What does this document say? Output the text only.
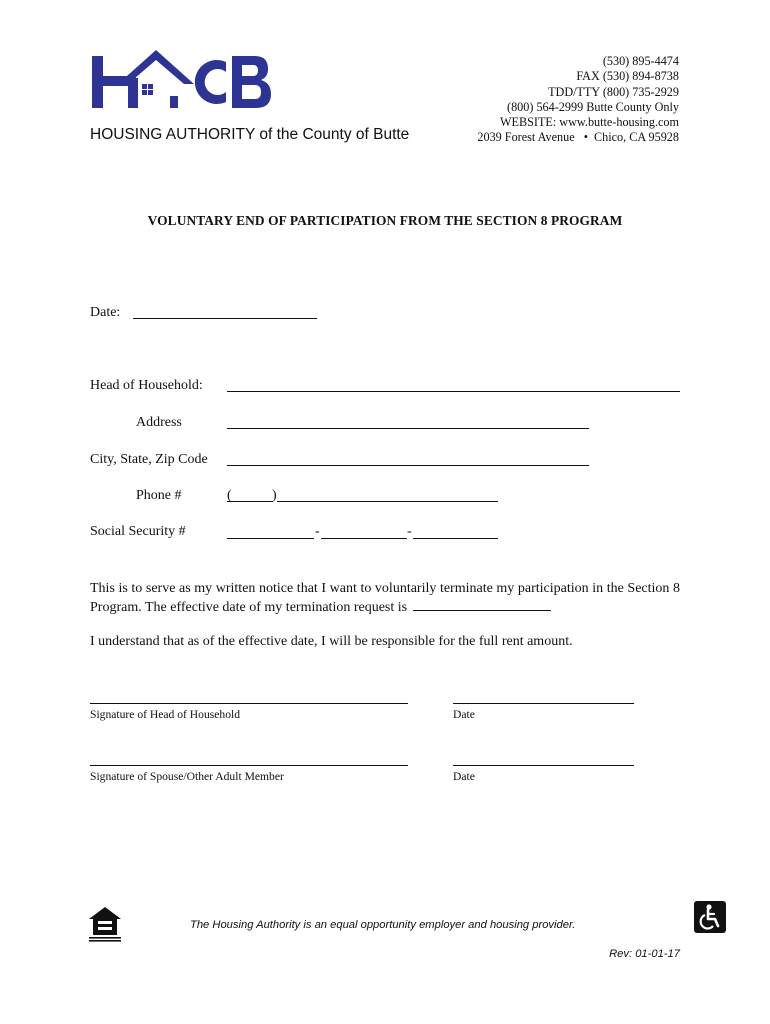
HOUSING AUTHORITY of the County of Butte
(530) 895-4474
FAX (530) 894-8738
TDD/TTY (800) 735-2929
(800) 564-2999 Butte County Only
WEBSITE: www.butte-housing.com
2039 Forest Avenue • Chico, CA 95928
VOLUNTARY END OF PARTICIPATION FROM THE SECTION 8 PROGRAM
Date:
Head of Household:
Address
City, State, Zip Code
Phone #	(	)
Social Security #	-	-
This is to serve as my written notice that I want to voluntarily terminate my participation in the Section 8 Program. The effective date of my termination request is
I understand that as of the effective date, I will be responsible for the full rent amount.
Signature of Head of Household	Date
Signature of Spouse/Other Adult Member	Date
The Housing Authority is an equal opportunity employer and housing provider.
Rev: 01-01-17
